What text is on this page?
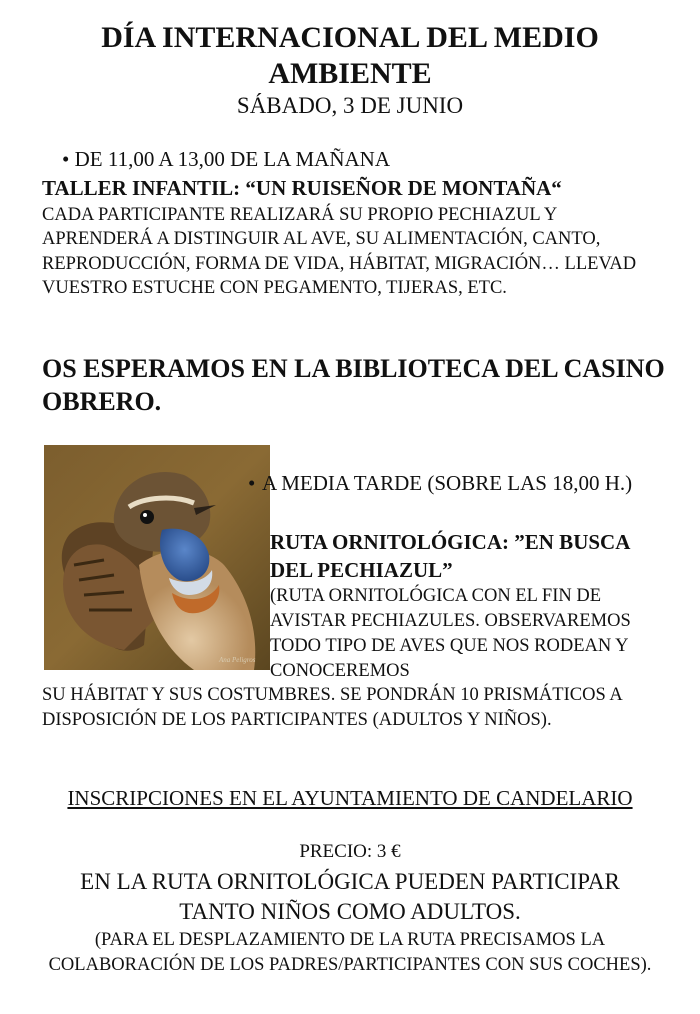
DÍA INTERNACIONAL DEL MEDIO AMBIENTE
SÁBADO, 3 DE JUNIO
• DE 11,00 A 13,00 DE LA MAÑANA
TALLER INFANTIL: “UN RUISEÑOR DE MONTAÑA“
CADA PARTICIPANTE REALIZARÁ SU PROPIO PECHIAZUL Y APRENDERÁ A DISTINGUIR AL AVE, SU ALIMENTACIÓN, CANTO, REPRODUCCIÓN, FORMA DE VIDA, HÁBITAT, MIGRACIÓN… LLEVAD VUESTRO ESTUCHE CON PEGAMENTO, TIJERAS, ETC.
OS ESPERAMOS EN LA BIBLIOTECA DEL CASINO OBRERO.
Ana Peligros
• A MEDIA TARDE (SOBRE LAS 18,00 H.)
RUTA ORNITOLÓGICA: ”EN BUSCA DEL PECHIAZUL”
(RUTA ORNITOLÓGICA CON EL FIN DE AVISTAR PECHIAZULES. OBSERVAREMOS TODO TIPO DE AVES QUE NOS RODEAN Y CONOCEREMOS
SU HÁBITAT Y SUS COSTUMBRES. SE PONDRÁN 10 PRISMÁTICOS A DISPOSICIÓN DE LOS PARTICIPANTES (ADULTOS Y NIÑOS).
INSCRIPCIONES EN EL AYUNTAMIENTO DE CANDELARIO
PRECIO: 3 €
EN LA RUTA ORNITOLÓGICA PUEDEN PARTICIPAR TANTO NIÑOS COMO ADULTOS.
(PARA EL DESPLAZAMIENTO DE LA RUTA PRECISAMOS LA COLABORACIÓN DE LOS PADRES/PARTICIPANTES CON SUS COCHES).
